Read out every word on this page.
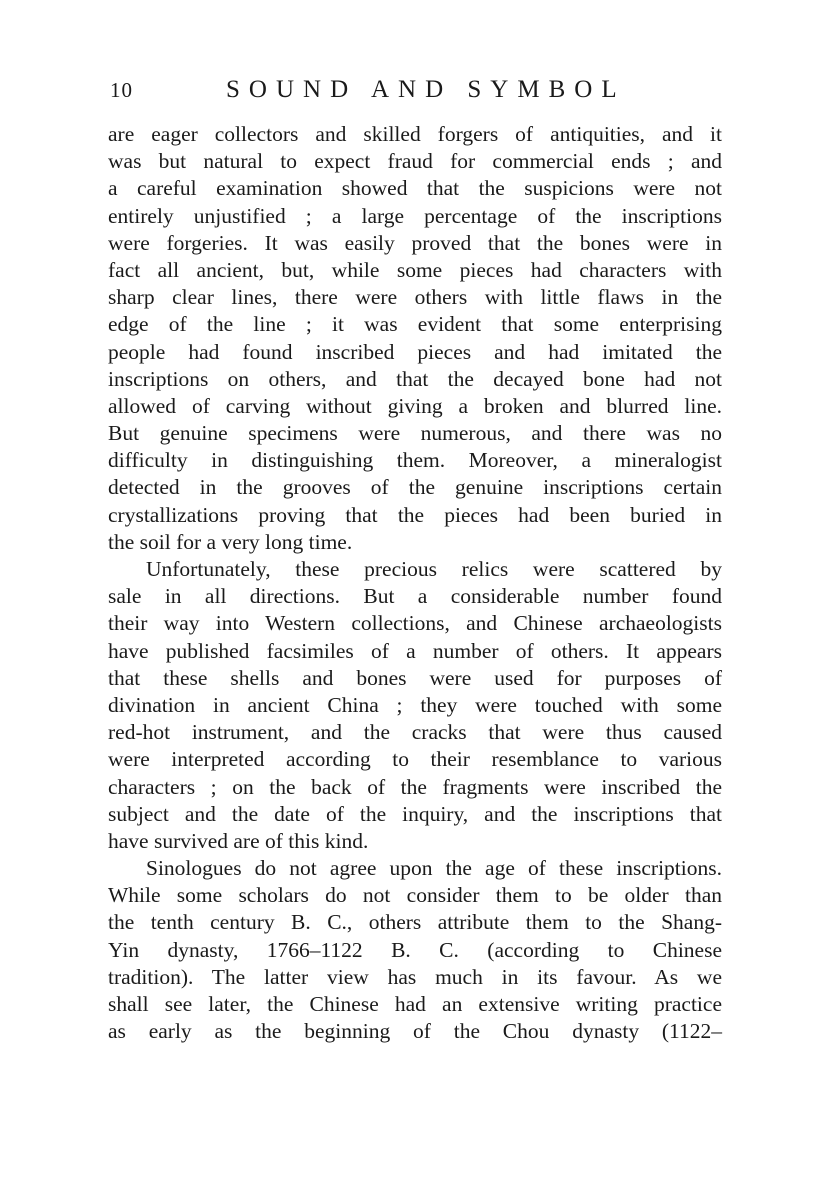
10	SOUND AND SYMBOL
are eager collectors and skilled forgers of antiquities, and it
was but natural to expect fraud for commercial ends ; and
a careful examination showed that the suspicions were not
entirely unjustified ; a large percentage of the inscriptions
were forgeries. It was easily proved that the bones were in
fact all ancient, but, while some pieces had characters with
sharp clear lines, there were others with little flaws in the
edge of the line ; it was evident that some enterprising
people had found inscribed pieces and had imitated the
inscriptions on others, and that the decayed bone had not
allowed of carving without giving a broken and blurred line.
But genuine specimens were numerous, and there was no
difficulty in distinguishing them. Moreover, a mineralogist
detected in the grooves of the genuine inscriptions certain
crystallizations proving that the pieces had been buried in
the soil for a very long time.
Unfortunately, these precious relics were scattered by
sale in all directions. But a considerable number found
their way into Western collections, and Chinese archaeologists
have published facsimiles of a number of others. It appears
that these shells and bones were used for purposes of
divination in ancient China ; they were touched with some
red-hot instrument, and the cracks that were thus caused
were interpreted according to their resemblance to various
characters ; on the back of the fragments were inscribed the
subject and the date of the inquiry, and the inscriptions that
have survived are of this kind.
Sinologues do not agree upon the age of these inscriptions.
While some scholars do not consider them to be older than
the tenth century B. C., others attribute them to the Shang-
Yin dynasty, 1766–1122 B. C. (according to Chinese
tradition). The latter view has much in its favour. As we
shall see later, the Chinese had an extensive writing practice
as early as the beginning of the Chou dynasty (1122–
